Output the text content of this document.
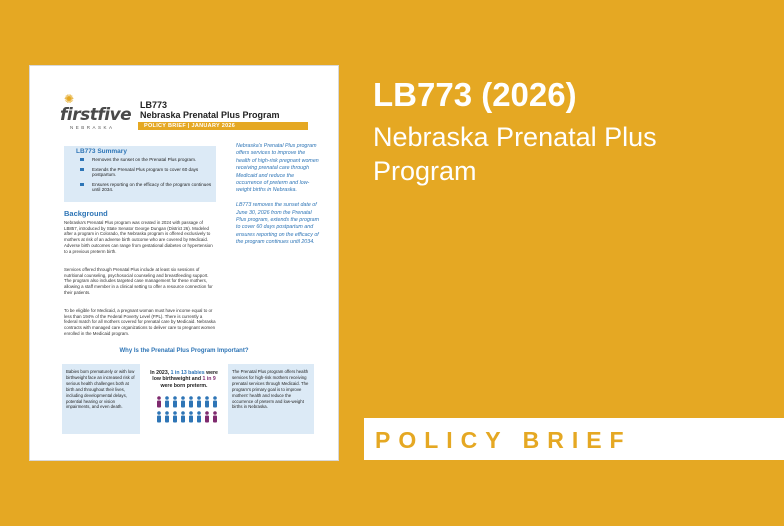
✺
firstfive
NEBRASKA
LB773
Nebraska Prenatal Plus Program
POLICY BRIEF | JANUARY 2026
LB773 Summary
Removes the sunset on the Prenatal Plus program.
Extends the Prenatal Plus program to cover 60 days postpartum.
Ensures reporting on the efficacy of the program continues until 2034.
Background

Nebraska's Prenatal Plus program was created in 2024 with passage of LB857, introduced by State Senator George Dungan (District 26). Modeled after a program in Colorado, the Nebraska program is offered exclusively to mothers at risk of an adverse birth outcome who are covered by Medicaid. Adverse birth outcomes can range from gestational diabetes or hypertension to a previous preterm birth.

Services offered through Prenatal Plus include at least six sessions of nutritional counseling, psychosocial counseling and breastfeeding support. The program also includes targeted case management for these mothers, allowing a staff member in a clinical setting to offer a resource connection for their patients.

To be eligible for Medicaid, a pregnant woman must have income equal to or less than 194% of the Federal Poverty Level (FPL). There is currently a federal match for all mothers covered for prenatal care by Medicaid. Nebraska contracts with managed care organizations to deliver care to pregnant women enrolled in the Medicaid program.

Nebraska's Prenatal Plus program offers services to improve the health of high-risk pregnant women receiving prenatal care through Medicaid and reduce the occurrence of preterm and low-weight births in Nebraska.

LB773 removes the sunset date of June 30, 2026 from the Prenatal Plus program, extends the program to cover 60 days postpartum and ensures reporting on the efficacy of the program continues until 2034.

Why Is the Prenatal Plus Program Important?

Babies born prematurely or with low birthweight face an increased risk of serious health challenges both at birth and throughout their lives, including developmental delays, potential hearing or vision impairments, and even death.

In 2023, 1 in 13 babies were low birthweight and 1 in 9 were born preterm.

The Prenatal Plus program offers health services for high-risk mothers receiving prenatal services through Medicaid. The program's primary goal is to improve mothers' health and reduce the occurrence of preterm and low-weight births in Nebraska.

LB773 (2026)
Nebraska Prenatal Plus Program
POLICY BRIEF
